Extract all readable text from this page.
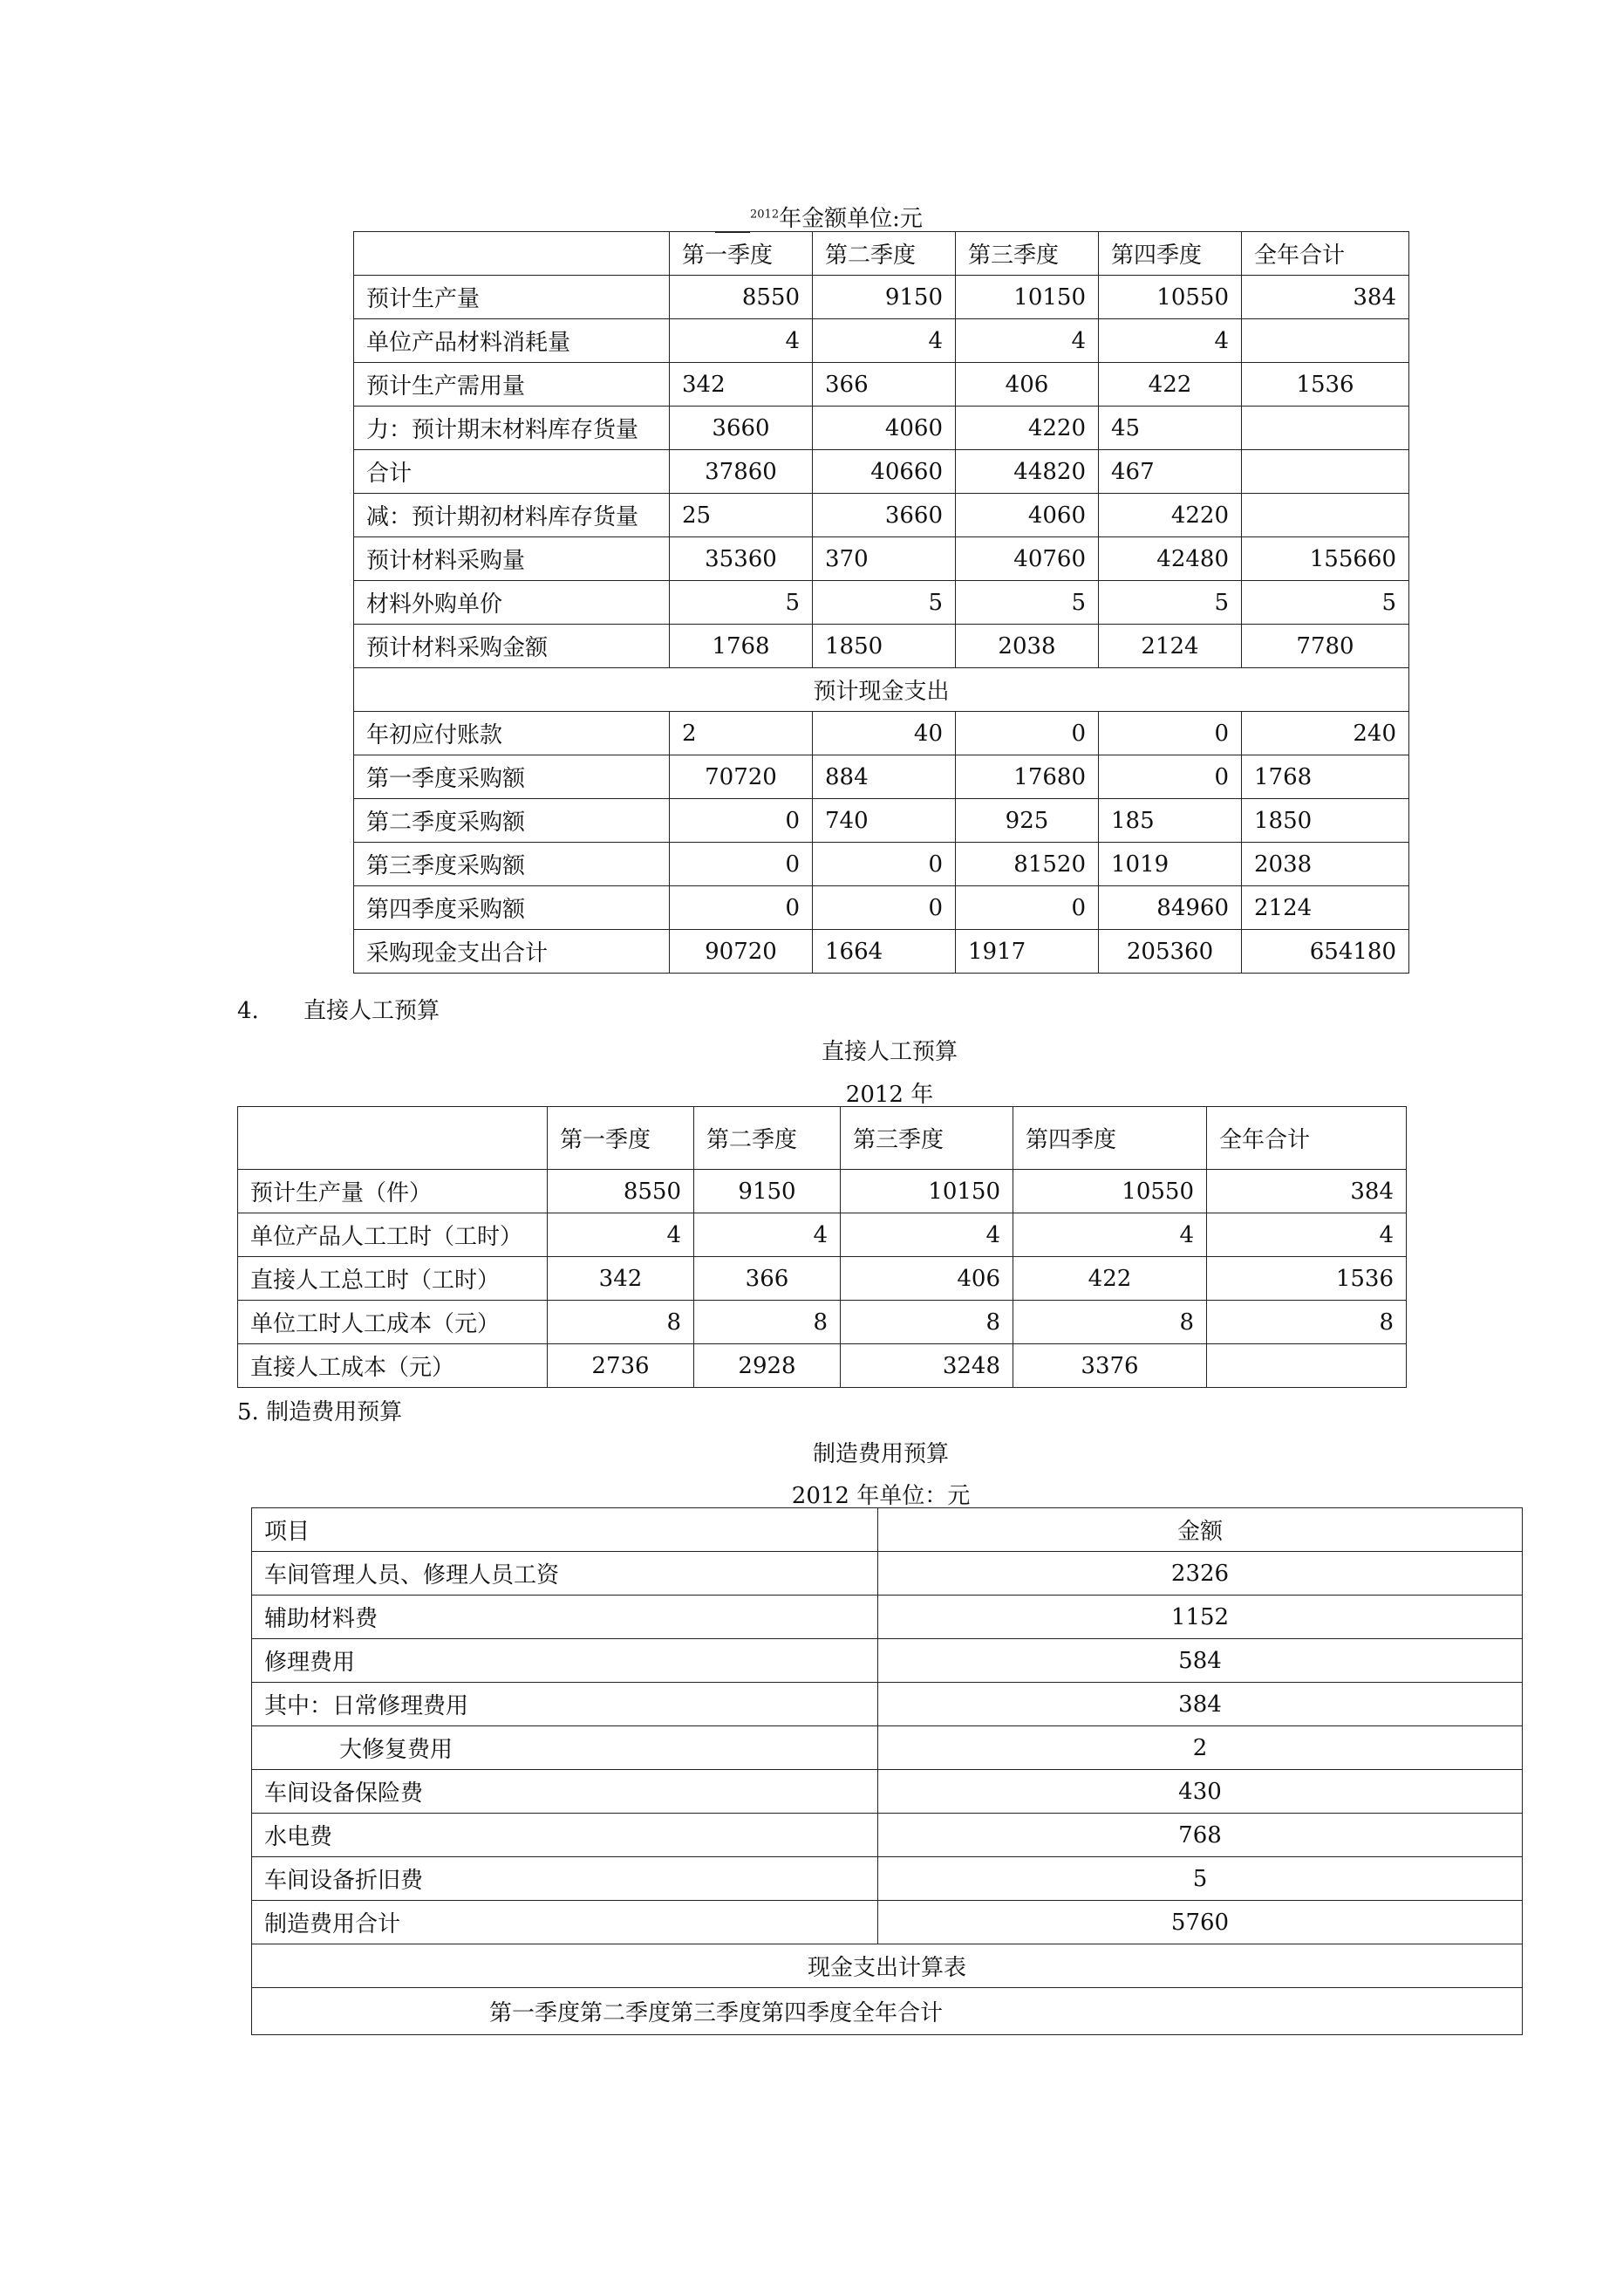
$^{2012}$年金额单位:元
	第一季度	第二季度	第三季度	第四季度	全年合计
预计生产量	8550	9150	10150	10550	384
单位产品材料消耗量	4	4	4	4	
预计生产需用量	342	366	406	422	1536
力：预计期末材料库存货量	3660	4060	4220	45	
合计	37860	40660	44820	467	
减：预计期初材料库存货量	25	3660	4060	4220	
预计材料采购量	35360	370	40760	42480	155660
材料外购单价	5	5	5	5	5
预计材料采购金额	1768	1850	2038	2124	7780
预计现金支出					
年初应付账款	2	40	0	0	240
第一季度采购额	70720	884	17680	0	1768
第二季度采购额	0	740	925	185	1850
第三季度采购额	0	0	81520	1019	2038
第四季度采购额	0	0	0	84960	2124
采购现金支出合计	90720	1664	1917	205360	654180
4. 直接人工预算
直接人工预算
2012 年
	第一季度	第二季度	第三季度	第四季度	全年合计
预计生产量（件）	8550	9150	10150	10550	384
单位产品人工工时（工时）	4	4	4	4	4
直接人工总工时（工时）	342	366	406	422	1536
单位工时人工成本（元）	8	8	8	8	8
直接人工成本（元）	2736	2928	3248	3376	
5. 制造费用预算
制造费用预算
2012 年单位：元
项目	金额
车间管理人员、修理人员工资	2326
辅助材料费	1152
修理费用	584
其中：日常修理费用	384
大修复费用	2
车间设备保险费	430
水电费	768
车间设备折旧费	5
制造费用合计	5760
现金支出计算表	
第一季度第二季度第三季度第四季度全年合计	
